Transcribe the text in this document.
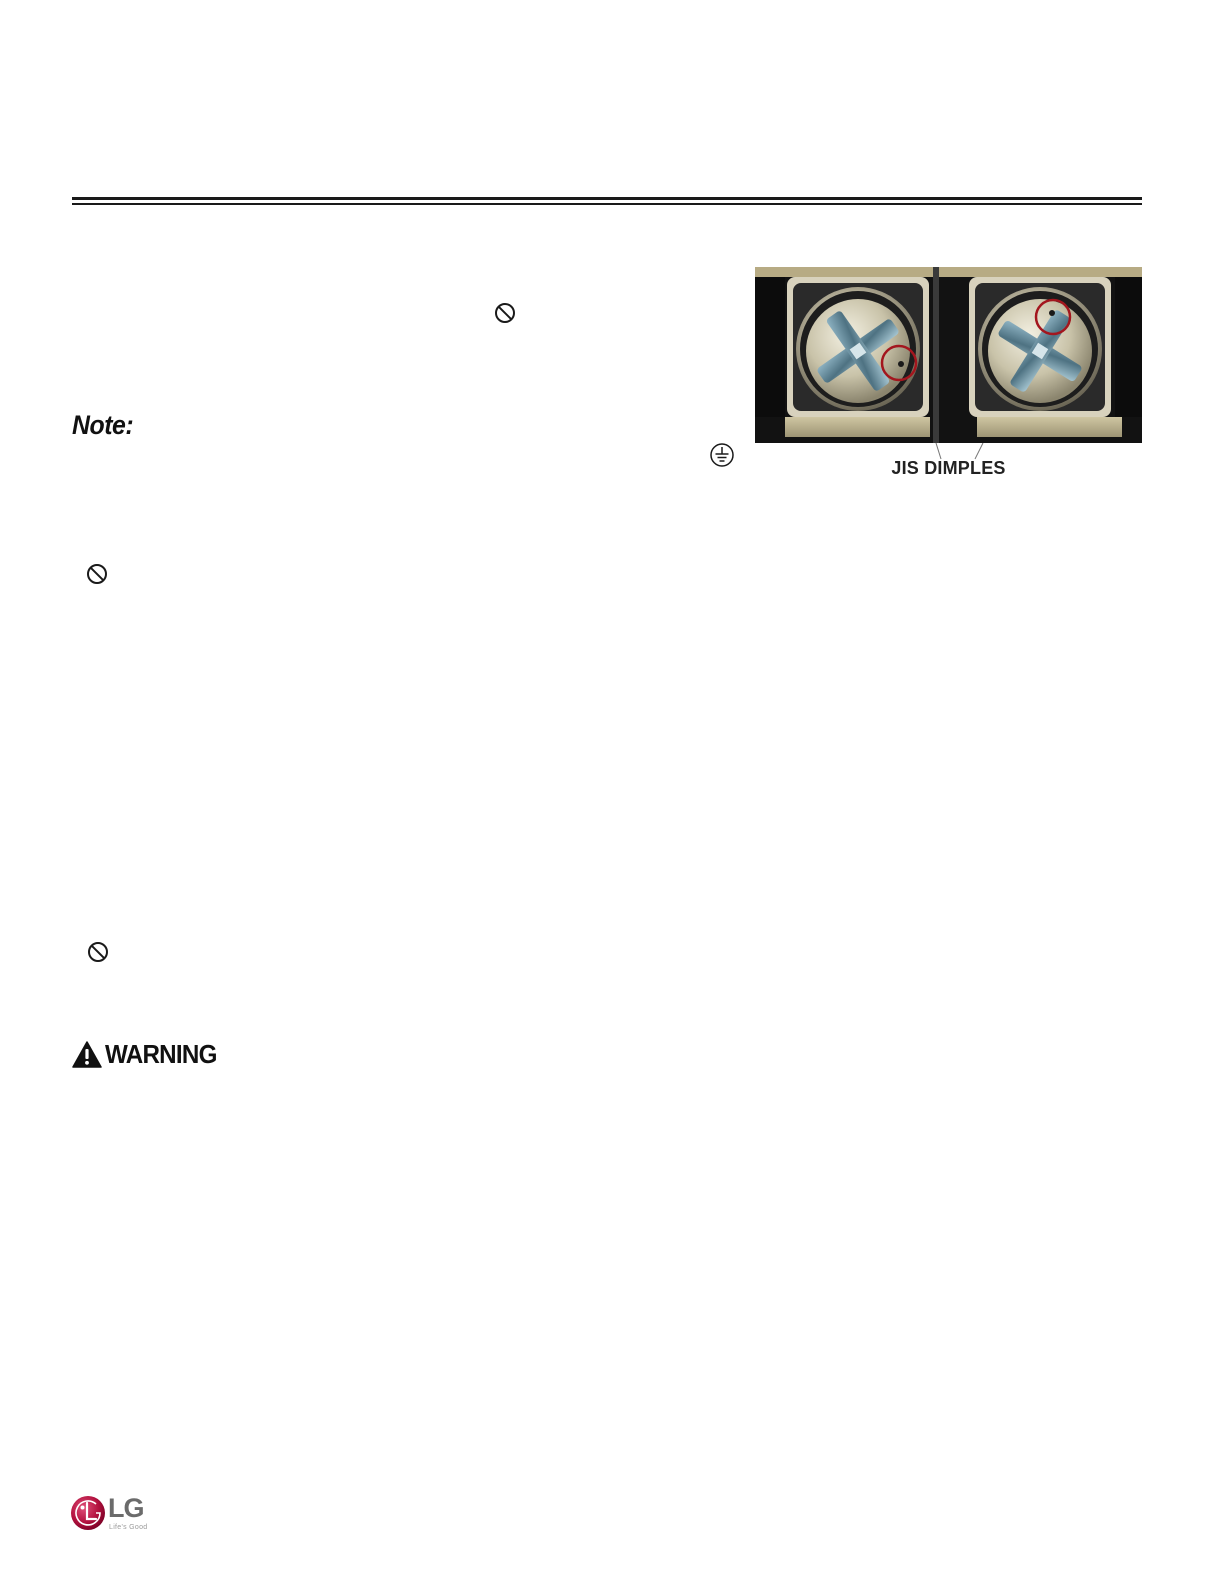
Note:
JIS DIMPLES
WARNING
LG
Life's Good
